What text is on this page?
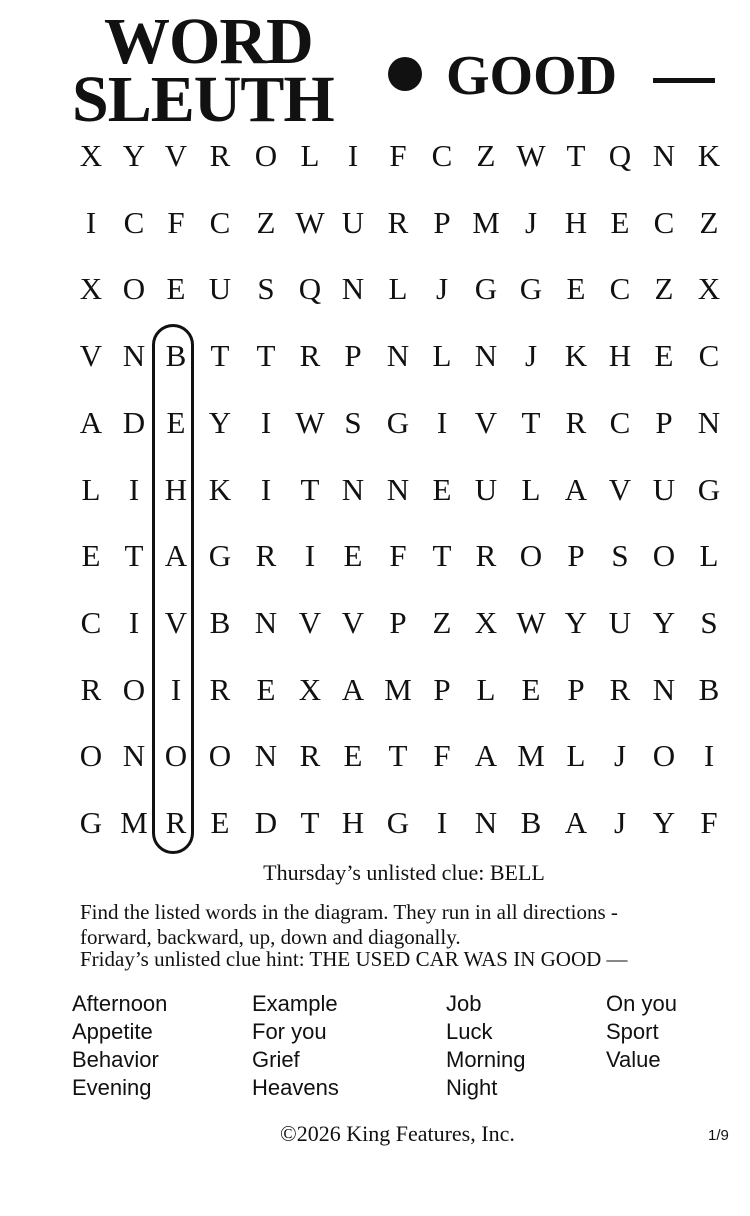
WORD
SLEUTH GOOD
X Y V R O L I	F C Z W T Q N K
I C F C Z W U R P M J H E C Z
X O E U S Q N L J G G E C Z X
V N B T T R P N L N J K H E C
A D E Y I W S G I V T R C P N
L I H K I T N N E U L A V U G
E T A G R I E F T R O P S O L
C I V B N V V P Z X W Y U Y S
R O I R E X A M P L E P R N B
O N O O N R E T F A M L J O I
G M R E D T H G I N B A J Y F
Thursday’s unlisted clue: BELL
Find the listed words in the diagram. They run in all directions -
forward, backward, up, down and diagonally.
Friday’s unlisted clue hint: THE USED CAR WAS IN GOOD —
Afternoon
Appetite
Behavior
Evening
Example
For you
Grief
Heavens
Job
Luck
Morning
Night
On you
Sport
Value
©2026 King Features, Inc.	1/9
